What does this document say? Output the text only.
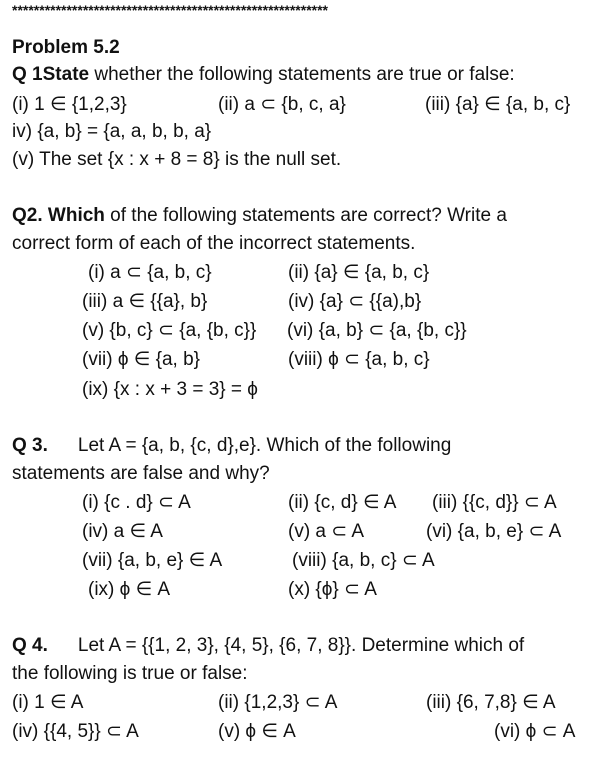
**********************************************************
Problem 5.2
Q 1State whether the following statements are true or false:
(i) 1 ∈ {1,2,3}	(ii) a ⊂ {b, c, a}	(iii) {a} ∈ {a, b, c}
iv) {a, b} = {a, a, b, b, a}
(v) The set {x : x + 8 = 8} is the null set.
Q2. Which of the following statements are correct? Write a
correct form of each of the incorrect statements.
(i) a ⊂ {a, b, c}	(ii) {a} ∈ {a, b, c}
(iii) a ∈ {{a}, b}	(iv) {a} ⊂ {{a),b}
(v) {b, c} ⊂ {a, {b, c}} (vi) {a, b} ⊂ {a, {b, c}}
(vii) ϕ ∈ {a, b}	(viii) ϕ ⊂ {a, b, c}
(ix) {x : x + 3 = 3} = ϕ
Q 3. Let A = {a, b, {c, d},e}. Which of the following
statements are false and why?
(i) {c . d} ⊂ A	(ii) {c, d} ∈ A (iii) {{c, d}} ⊂ A
(iv) a ∈ A	(v) a ⊂ A	(vi) {a, b, e} ⊂ A
(vii) {a, b, e} ∈ A	(viii) {a, b, c} ⊂ A
(ix) ϕ ∈ A	(x) {ϕ} ⊂ A
Q 4. Let A = {{1, 2, 3}, {4, 5}, {6, 7, 8}}. Determine which of
the following is true or false:
(i) 1 ∈ A	(ii) {1,2,3} ⊂ A	(iii) {6, 7,8} ∈ A
(iv) {{4, 5}} ⊂ A	(v) ϕ ∈ A	(vi) ϕ ⊂ A
